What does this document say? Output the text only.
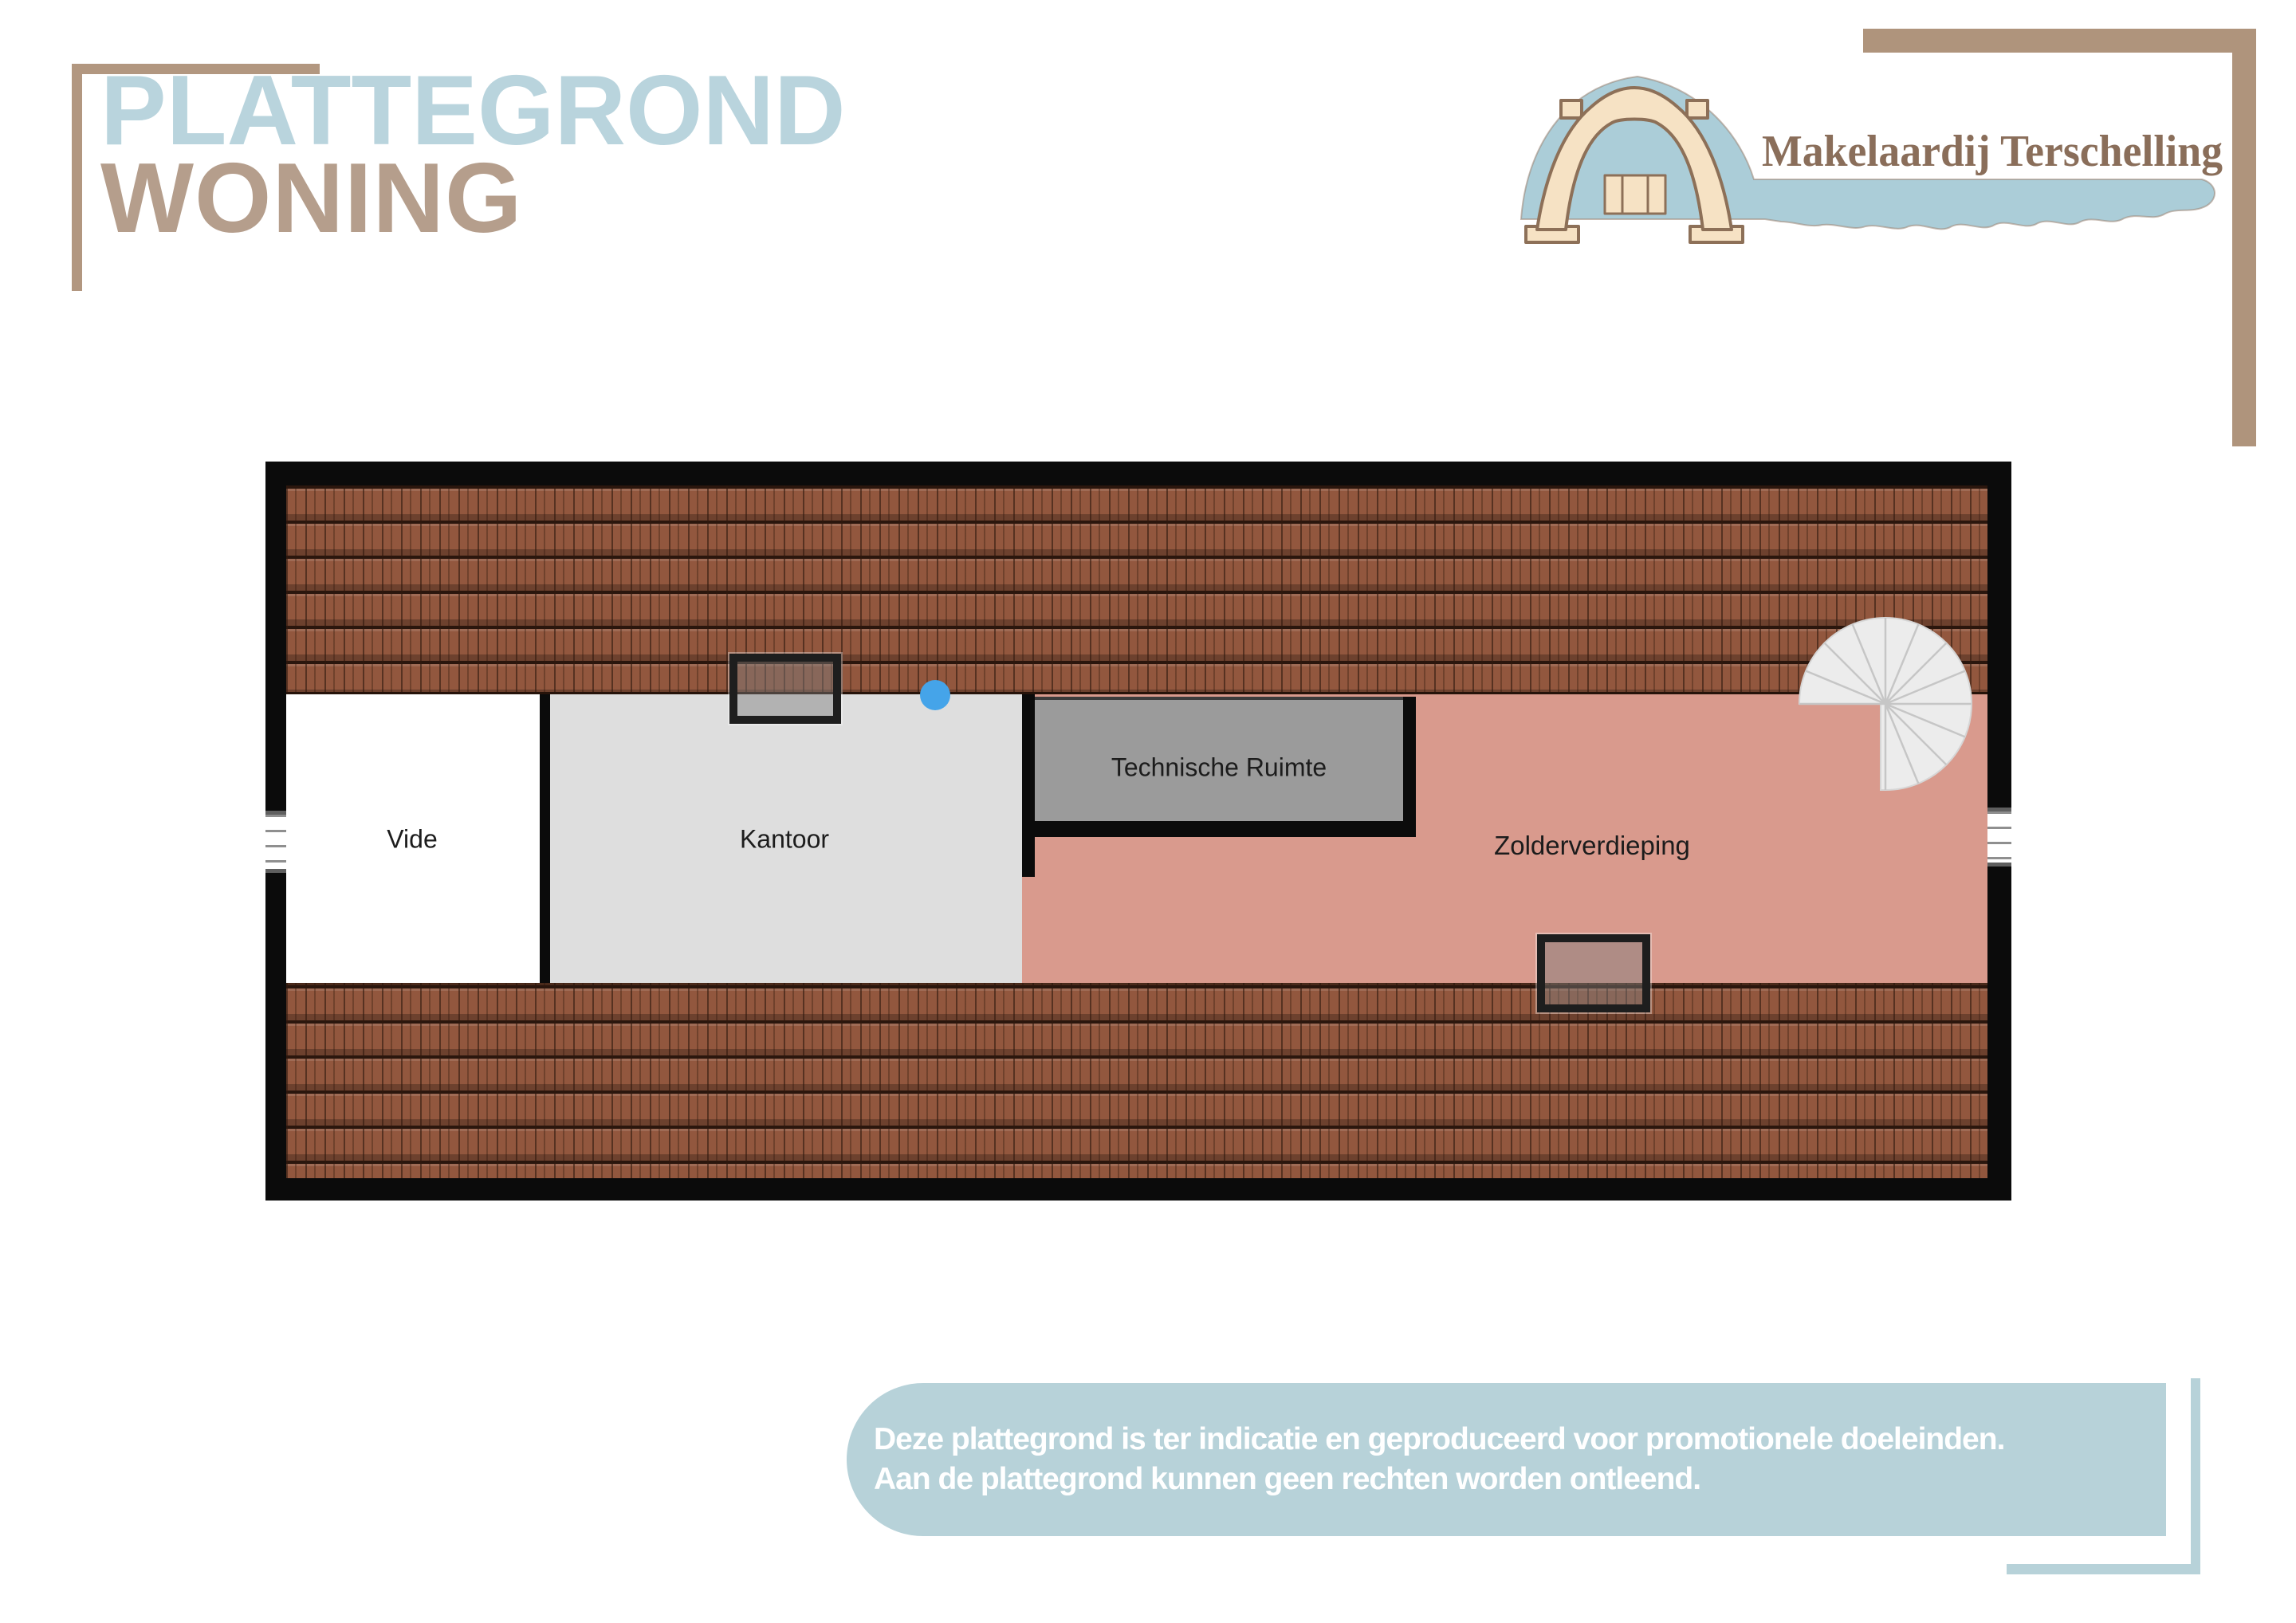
PLATTEGROND
WONING	Makelaardij Terschelling
Vide	Kantoor
Technische Ruimte
Zolderverdieping
Deze plattegrond is ter indicatie en geproduceerd voor promotionele doeleinden.
Aan de plattegrond kunnen geen rechten worden ontleend.
